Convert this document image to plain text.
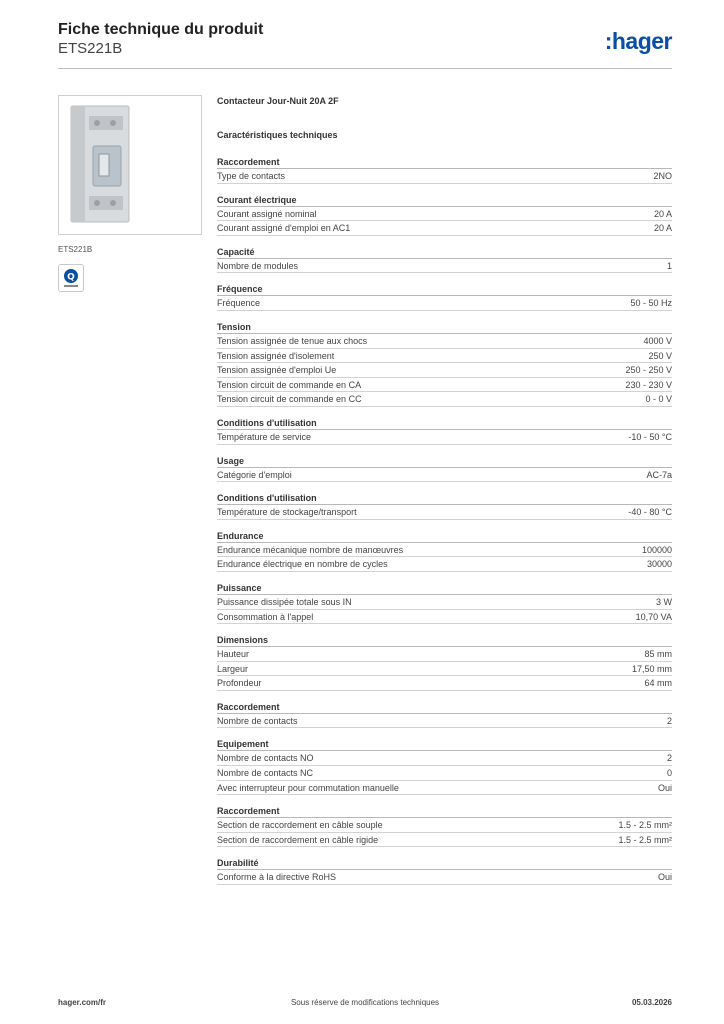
Fiche technique du produit
ETS221B	:hager
ETS221B
Q
Contacteur Jour-Nuit 20A 2F
Caractéristiques techniques
Raccordement
Type de contacts	2NO
Courant électrique
Courant assigné nominal	20 A
Courant assigné d'emploi en AC1	20 A
Capacité
Nombre de modules	1
Fréquence
Fréquence	50 - 50 Hz
Tension
Tension assignée de tenue aux chocs	4000 V
Tension assignée d'isolement	250 V
Tension assignée d'emploi Ue	250 - 250 V
Tension circuit de commande en CA	230 - 230 V
Tension circuit de commande en CC	0 - 0 V
Conditions d'utilisation
Température de service	-10 - 50 °C
Usage
Catégorie d'emploi	AC-7a
Conditions d'utilisation
Température de stockage/transport	-40 - 80 °C
Endurance
Endurance mécanique nombre de manœuvres	100000
Endurance électrique en nombre de cycles	30000
Puissance
Puissance dissipée totale sous IN	3 W
Consommation à l'appel	10,70 VA
Dimensions
Hauteur	85 mm
Largeur	17,50 mm
Profondeur	64 mm
Raccordement
Nombre de contacts	2
Equipement
Nombre de contacts NO	2
Nombre de contacts NC	0
Avec interrupteur pour commutation manuelle	Oui
Raccordement
Section de raccordement en câble souple	1.5 - 2.5 mm²
Section de raccordement en câble rigide	1.5 - 2.5 mm²
Durabilité
Conforme à la directive RoHS	Oui
hager.com/fr	Sous réserve de modifications techniques	05.03.2026
